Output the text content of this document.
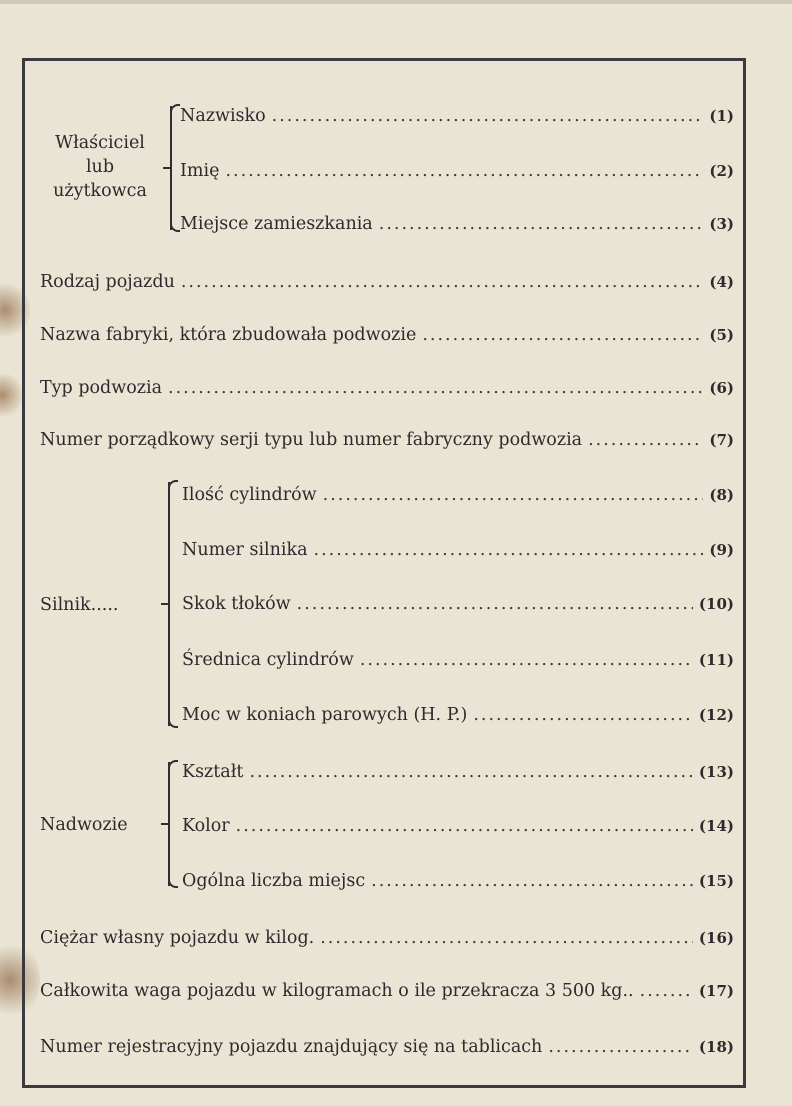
Właściciel
lub
użytkowca
Nazwisko .....	(1)
Imię .....	(2)
Miejsce zamieszkania .....	(3)
Rodzaj pojazdu .....	(4)
Nazwa fabryki, która zbudowała podwozie .....	(5)
Typ podwozia .....	(6)
Numer porządkowy serji typu lub numer fabryczny podwozia .....	(7)
Silnik.....
Ilość cylindrów .....	(8)
Numer silnika .....	(9)
Skok tłoków .....	(10)
Średnica cylindrów .....	(11)
Moc w koniach parowych (H. P.) .....	(12)
Nadwozie
Kształt .....	(13)
Kolor .....	(14)
Ogólna liczba miejsc .....	(15)
Ciężar własny pojazdu w kilog. .....	(16)
Całkowita waga pojazdu w kilogramach o ile przekracza 3 500 kg.. .....	(17)
Numer rejestracyjny pojazdu znajdujący się na tablicach .....	(18)
